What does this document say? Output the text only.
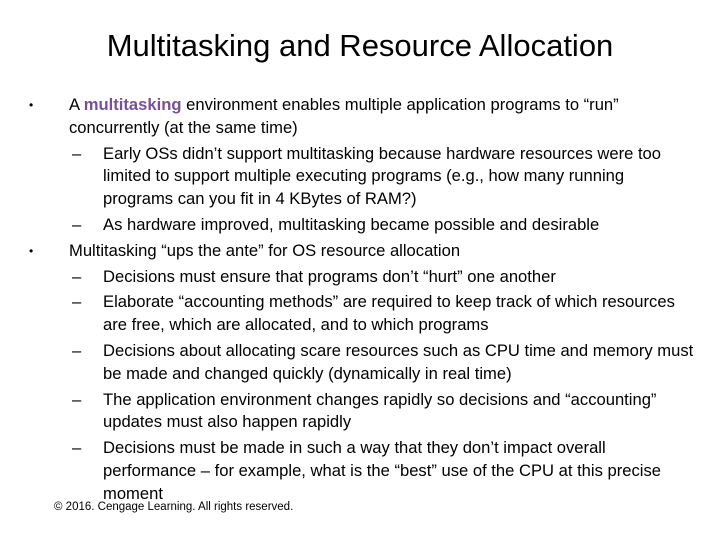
Multitasking and Resource Allocation
• A multitasking environment enables multiple application programs to “run” concurrently (at the same time)
– Early OSs didn’t support multitasking because hardware resources were too limited to support multiple executing programs (e.g., how many running programs can you fit in 4 KBytes of RAM?)
– As hardware improved, multitasking became possible and desirable
• Multitasking “ups the ante” for OS resource allocation
– Decisions must ensure that programs don’t “hurt” one another
– Elaborate “accounting methods” are required to keep track of which resources are free, which are allocated, and to which programs
– Decisions about allocating scare resources such as CPU time and memory must be made and changed quickly (dynamically in real time)
– The application environment changes rapidly so decisions and “accounting” updates must also happen rapidly
– Decisions must be made in such a way that they don’t impact overall performance – for example, what is the “best” use of the CPU at this precise moment
© 2016. Cengage Learning. All rights reserved.
